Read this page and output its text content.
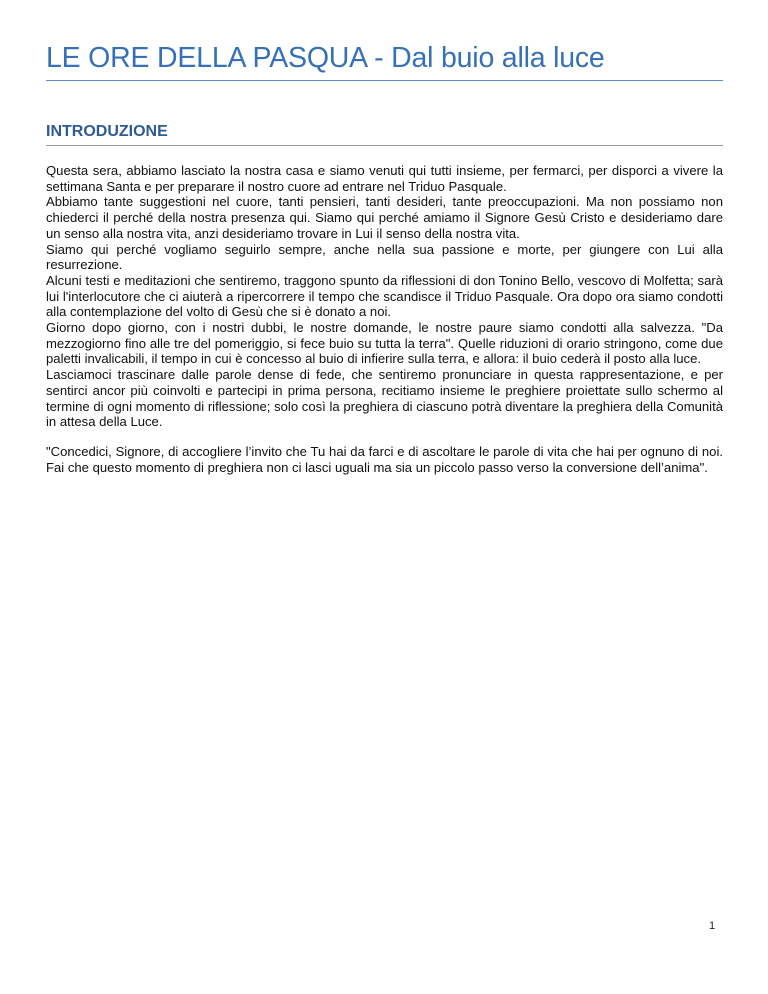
LE ORE DELLA PASQUA - Dal buio alla luce
INTRODUZIONE

Questa sera, abbiamo lasciato la nostra casa e siamo venuti qui tutti insieme, per fermarci, per disporci a vivere la settimana Santa e per preparare il nostro cuore ad entrare nel Triduo Pasquale.

Abbiamo tante suggestioni nel cuore, tanti pensieri, tanti desideri, tante preoccupazioni. Ma non possiamo non chiederci il perché della nostra presenza qui. Siamo qui perché amiamo il Signore Gesù Cristo e desideriamo dare un senso alla nostra vita, anzi desideriamo trovare in Lui il senso della nostra vita.

Siamo qui perché vogliamo seguirlo sempre, anche nella sua passione e morte, per giungere con Lui alla resurrezione.

Alcuni testi e meditazioni che sentiremo, traggono spunto da riflessioni di don Tonino Bello, vescovo di Molfetta; sarà lui l'interlocutore che ci aiuterà a ripercorrere il tempo che scandisce il Triduo Pasquale. Ora dopo ora siamo condotti alla contemplazione del volto di Gesù che si è donato a noi.

Giorno dopo giorno, con i nostri dubbi, le nostre domande, le nostre paure siamo condotti alla salvezza. "Da mezzogiorno fino alle tre del pomeriggio, si fece buio su tutta la terra". Quelle riduzioni di orario stringono, come due paletti invalicabili, il tempo in cui è concesso al buio di infierire sulla terra, e allora: il buio cederà il posto alla luce.

Lasciamoci trascinare dalle parole dense di fede, che sentiremo pronunciare in questa rappresentazione, e per sentirci ancor più coinvolti e partecipi in prima persona, recitiamo insieme le preghiere proiettate sullo schermo al termine di ogni momento di riflessione; solo così la preghiera di ciascuno potrà diventare la preghiera della Comunità in attesa della Luce.

"Concedici, Signore, di accogliere l’invito che Tu hai da farci e di ascoltare le parole di vita che hai per ognuno di noi. Fai che questo momento di preghiera non ci lasci uguali ma sia un piccolo passo verso la conversione dell’anima".

1
